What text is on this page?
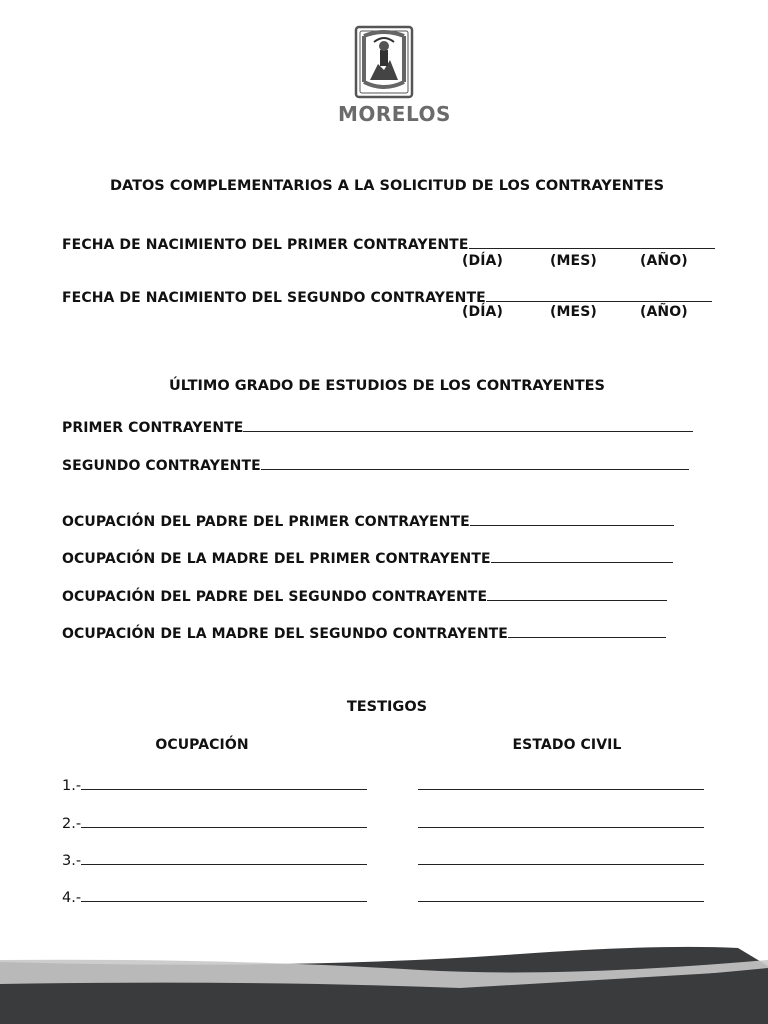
MORELOS
DATOS COMPLEMENTARIOS A LA SOLICITUD DE LOS CONTRAYENTES
FECHA DE NACIMIENTO DEL PRIMER CONTRAYENTE
(DÍA)	(MES)	(AÑO)
FECHA DE NACIMIENTO DEL SEGUNDO CONTRAYENTE
(DÍA)	(MES)	(AÑO)
ÚLTIMO GRADO DE ESTUDIOS DE LOS CONTRAYENTES
PRIMER CONTRAYENTE
SEGUNDO CONTRAYENTE
OCUPACIÓN DEL PADRE DEL PRIMER CONTRAYENTE
OCUPACIÓN DE LA MADRE DEL PRIMER CONTRAYENTE
OCUPACIÓN DEL PADRE DEL SEGUNDO CONTRAYENTE
OCUPACIÓN DE LA MADRE DEL SEGUNDO CONTRAYENTE
TESTIGOS
OCUPACIÓN	ESTADO CIVIL
1.-
2.-
3.-
4.-
